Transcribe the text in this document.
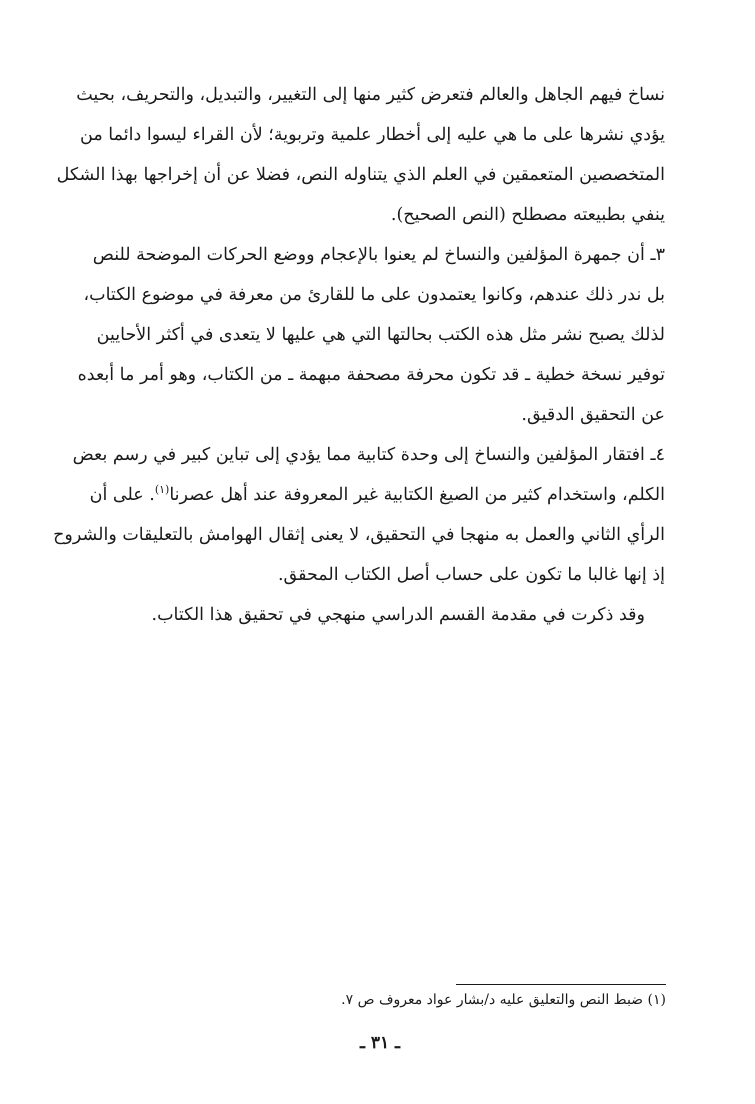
نساخ فيهم الجاهل والعالم فتعرض كثير منها إلى التغيير، والتبديل، والتحريف، بحيث
يؤدي نشرها على ما هي عليه إلى أخطار علمية وتربوية؛ لأن القراء ليسوا دائما من
المتخصصين المتعمقين في العلم الذي يتناوله النص، فضلا عن أن إخراجها بهذا الشكل
ينفي بطبيعته مصطلح (النص الصحيح).
٣ـ أن جمهرة المؤلفين والنساخ لم يعنوا بالإعجام ووضع الحركات الموضحة للنص
بل ندر ذلك عندهم، وكانوا يعتمدون على ما للقارئ من معرفة في موضوع الكتاب،
لذلك يصبح نشر مثل هذه الكتب بحالتها التي هي عليها لا يتعدى في أكثر الأحايين
توفير نسخة خطية ـ قد تكون محرفة مصحفة مبهمة ـ من الكتاب، وهو أمر ما أبعده
عن التحقيق الدقيق.
٤ـ افتقار المؤلفين والنساخ إلى وحدة كتابية مما يؤدي إلى تباين كبير في رسم بعض
الكلم، واستخدام كثير من الصيغ الكتابية غير المعروفة عند أهل عصرنا$^{(١)}$. على أن
الرأي الثاني والعمل به منهجا في التحقيق، لا يعنى إثقال الهوامش بالتعليقات والشروح
إذ إنها غالبا ما تكون على حساب أصل الكتاب المحقق.
وقد ذكرت في مقدمة القسم الدراسي منهجي في تحقيق هذا الكتاب.
(١) ضبط النص والتعليق عليه د/بشار عواد معروف ص ٧.
ـ ٣١ ـ
